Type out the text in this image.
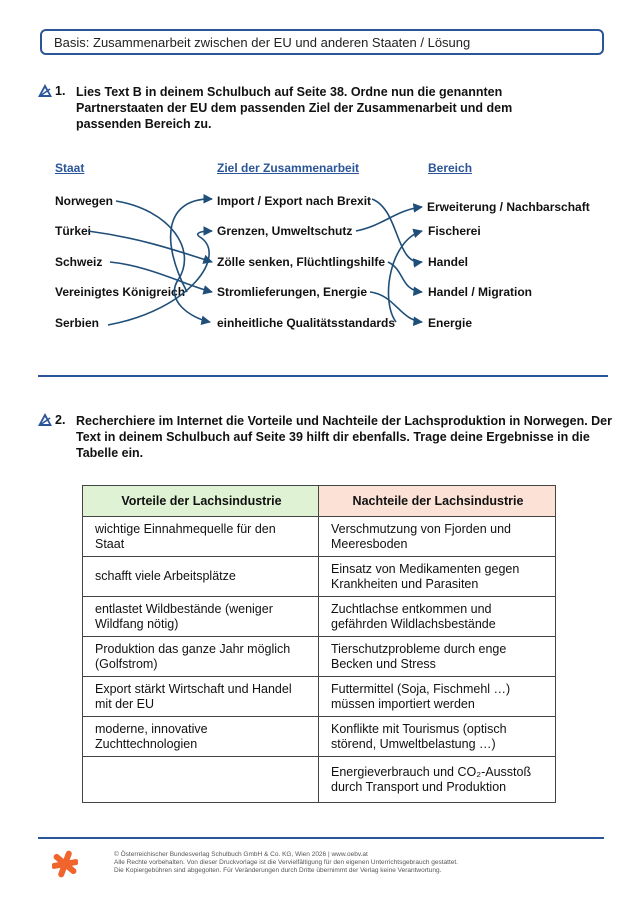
Basis: Zusammenarbeit zwischen der EU und anderen Staaten / Lösung
1. Lies Text B in deinem Schulbuch auf Seite 38. Ordne nun die genannten Partnerstaaten der EU dem passenden Ziel der Zusammenarbeit und dem passenden Bereich zu.
Staat	Ziel der Zusammenarbeit	Bereich
Norwegen
Türkei
Schweiz
Vereinigtes Königreich
Serbien
Import / Export nach Brexit
Grenzen, Umweltschutz
Zölle senken, Flüchtlingshilfe
Stromlieferungen, Energie
einheitliche Qualitätsstandards
Erweiterung / Nachbarschaft
Fischerei
Handel
Handel / Migration
Energie
2. Recherchiere im Internet die Vorteile und Nachteile der Lachsproduktion in Norwegen. Der Text in deinem Schulbuch auf Seite 39 hilft dir ebenfalls. Trage deine Ergebnisse in die Tabelle ein.
Vorteile der Lachsindustrie	Nachteile der Lachsindustrie
wichtige Einnahmequelle für den Staat	Verschmutzung von Fjorden und Meeresboden
schafft viele Arbeitsplätze	Einsatz von Medikamenten gegen Krankheiten und Parasiten
entlastet Wildbestände (weniger Wildfang nötig)	Zuchtlachse entkommen und gefährden Wildlachsbestände
Produktion das ganze Jahr möglich (Golfstrom)	Tierschutzprobleme durch enge Becken und Stress
Export stärkt Wirtschaft und Handel mit der EU	Futtermittel (Soja, Fischmehl …) müssen importiert werden
moderne, innovative Zuchttechnologien	Konflikte mit Tourismus (optisch störend, Umweltbelastung …)
	Energieverbrauch und CO₂-Ausstoß durch Transport und Produktion
© Österreichischer Bundesverlag Schulbuch GmbH & Co. KG, Wien 2026 | www.oebv.at
Alle Rechte vorbehalten. Von dieser Druckvorlage ist die Vervielfältigung für den eigenen Unterrichtsgebrauch gestattet.
Die Kopiergebühren sind abgegolten. Für Veränderungen durch Dritte übernimmt der Verlag keine Verantwortung.
